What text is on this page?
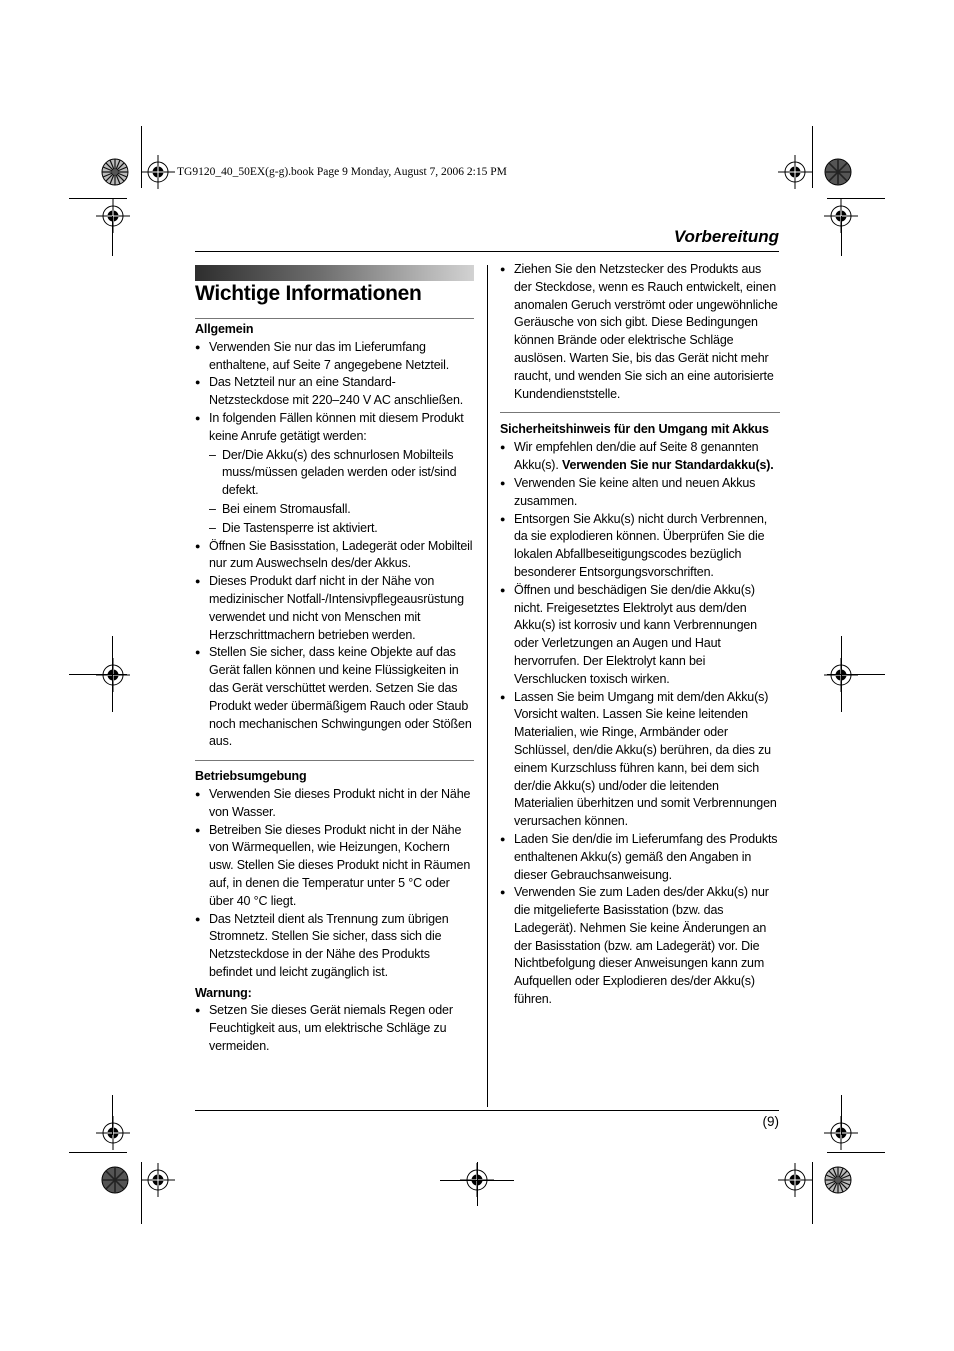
TG9120_40_50EX(g-g).book Page 9 Monday, August 7, 2006 2:15 PM
Vorbereitung
Wichtige Informationen
Allgemein
● Verwenden Sie nur das im Lieferumfang enthaltene, auf Seite 7 angegebene Netzteil.
● Das Netzteil nur an eine Standard-Netzsteckdose mit 220–240 V AC anschließen.
● In folgenden Fällen können mit diesem Produkt keine Anrufe getätigt werden:
– Der/Die Akku(s) des schnurlosen Mobilteils muss/müssen geladen werden oder ist/sind defekt.
– Bei einem Stromausfall.
– Die Tastensperre ist aktiviert.
● Öffnen Sie Basisstation, Ladegerät oder Mobilteil nur zum Auswechseln des/der Akkus.
● Dieses Produkt darf nicht in der Nähe von medizinischer Notfall-/Intensivpflegeausrüstung verwendet und nicht von Menschen mit Herzschrittmachern betrieben werden.
● Stellen Sie sicher, dass keine Objekte auf das Gerät fallen können und keine Flüssigkeiten in das Gerät verschüttet werden. Setzen Sie das Produkt weder übermäßigem Rauch oder Staub noch mechanischen Schwingungen oder Stößen aus.
Betriebsumgebung
● Verwenden Sie dieses Produkt nicht in der Nähe von Wasser.
● Betreiben Sie dieses Produkt nicht in der Nähe von Wärmequellen, wie Heizungen, Kochern usw. Stellen Sie dieses Produkt nicht in Räumen auf, in denen die Temperatur unter 5 °C oder über 40 °C liegt.
● Das Netzteil dient als Trennung zum übrigen Stromnetz. Stellen Sie sicher, dass sich die Netzsteckdose in der Nähe des Produkts befindet und leicht zugänglich ist.
Warnung:
● Setzen Sie dieses Gerät niemals Regen oder Feuchtigkeit aus, um elektrische Schläge zu vermeiden.
● Ziehen Sie den Netzstecker des Produkts aus der Steckdose, wenn es Rauch entwickelt, einen anomalen Geruch verströmt oder ungewöhnliche Geräusche von sich gibt. Diese Bedingungen können Brände oder elektrische Schläge auslösen. Warten Sie, bis das Gerät nicht mehr raucht, und wenden Sie sich an eine autorisierte Kundendienststelle.
Sicherheitshinweis für den Umgang mit Akkus
● Wir empfehlen den/die auf Seite 8 genannten Akku(s). Verwenden Sie nur Standardakku(s).
● Verwenden Sie keine alten und neuen Akkus zusammen.
● Entsorgen Sie Akku(s) nicht durch Verbrennen, da sie explodieren können. Überprüfen Sie die lokalen Abfallbeseitigungscodes bezüglich besonderer Entsorgungsvorschriften.
● Öffnen und beschädigen Sie den/die Akku(s) nicht. Freigesetztes Elektrolyt aus dem/den Akku(s) ist korrosiv und kann Verbrennungen oder Verletzungen an Augen und Haut hervorrufen. Der Elektrolyt kann bei Verschlucken toxisch wirken.
● Lassen Sie beim Umgang mit dem/den Akku(s) Vorsicht walten. Lassen Sie keine leitenden Materialien, wie Ringe, Armbänder oder Schlüssel, den/die Akku(s) berühren, da dies zu einem Kurzschluss führen kann, bei dem sich der/die Akku(s) und/oder die leitenden Materialien überhitzen und somit Verbrennungen verursachen können.
● Laden Sie den/die im Lieferumfang des Produkts enthaltenen Akku(s) gemäß den Angaben in dieser Gebrauchsanweisung.
● Verwenden Sie zum Laden des/der Akku(s) nur die mitgelieferte Basisstation (bzw. das Ladegerät). Nehmen Sie keine Änderungen an der Basisstation (bzw. am Ladegerät) vor. Die Nichtbefolgung dieser Anweisungen kann zum Aufquellen oder Explodieren des/der Akku(s) führen.
(9)
